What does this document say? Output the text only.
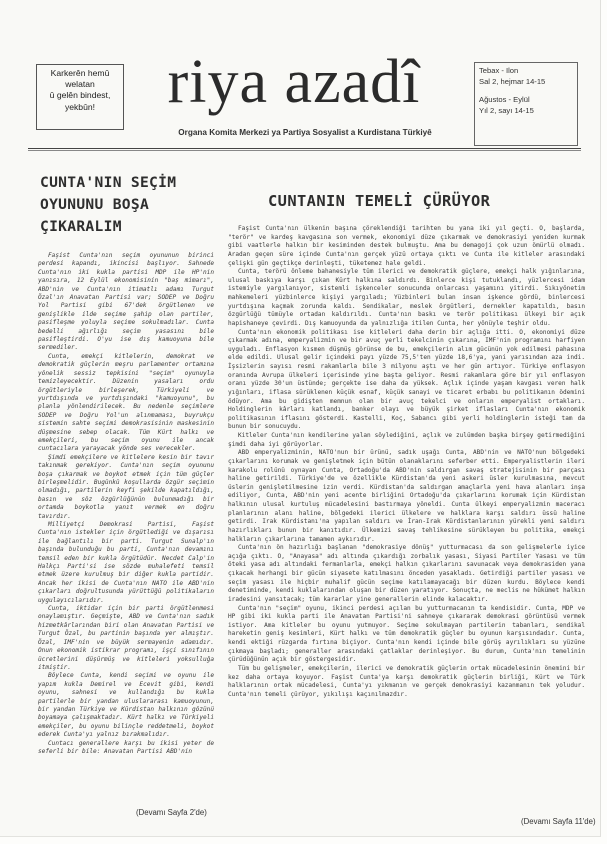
Karkerên hemû
welatan
û gelên bindest,
yekbûn!	riya azadî
Organa Komita Merkezi ya Partiya Sosyalist a Kurdistana Türkiyê
Tebax - Ilon
Sal 2, hejmar 14-15
Ağustos - Eylül
Yıl 2, sayı 14-15
CUNTA'NIN SEÇİM
OYUNUNU BOŞA
ÇIKARALIM

Faşist Cunta'nın seçim oyununun birinci perdesi kapandı, ikincisi başlıyor. Sahnede Cunta'nın iki kukla partisi MDP ile HP'nin yanısıra, 12 Eylül ekonomisinin "baş mimarı", ABD'nin ve Cunta'nın itimatlı adamı Turgut Özal'ın Anavatan Partisi var; SODEP ve Doğru Yol Partisi gibi 67'dek örgütlenen ve genişlikle ilde seçime şahip olan partiler, pasifleşme yoluyla seçime sokulmadılar. Cunta bedelli ağırlığı seçim yasasını bile pasifleştirdi. O'yu ise dış kamuoyuna bile sermediler.

Cunta, emekçi kitlelerin, demokrat ve demokratik güçlerin meşru parlamenter ortamına yönelik sessiz tepkisini "seçim" oyunuyla temizleyecektir. Düzenin yasaları ordu örgütleriyle birleşerek, Türkiyeli ve yurtdışında ve yurtdışındaki "kamuoyunu", bu planla yönlendirilecek. Bu nedenle seçimlere SODEP ve Doğru Yol'un alınmaması, buyrukçu sistemin sahte seçimi demokrasisinin maskesinin düşmesine sebep olacak. Tüm Kürt halkı ve emekçileri, bu seçim oyunu ile ancak cuntacılara yarayacak yönde ses verecekler.

Şimdi emekçilere ve kitlelere kesin bir tavır takınmak gerekiyor. Cunta'nın seçim oyununu boşa çıkarmak ve boykot etmek için tüm güçler birleşmelidir. Bugünkü koşullarda özgür seçimin olmadığı, partilerin keyfi şekilde kapatıldığı, basın ve söz özgürlüğünün bulunmadığı bir ortamda boykotla yanıt vermek en doğru tavırdır.

Milliyetçi Demokrasi Partisi, Faşist Cunta'nın istekler için örgütlediği ve dışarısı ile bağlantılı bir parti. Turgut Sunalp'ın başında bulunduğu bu parti, Cunta'nın devamını temsil eden bir kukla örgütüdür. Necdet Calp'in Halkçı Parti'si ise sözde muhalefeti temsil etmek üzere kurulmuş bir diğer kukla partidir. Ancak her ikisi de Cunta'nın NATO ile ABD'nin çıkarları doğrultusunda yürüttüğü politikaların uygulayıcılarıdır.

Cunta, iktidar için bir parti örgütlenmesi onaylamıştır. Geçmişte, ABD ve Cunta'nın sadık hizmetkârlarından biri olan Anavatan Partisi ve Turgut Özal, bu partinin başında yer almıştır. Özal, IMF'nin ve büyük sermayenin adamıdır. Onun ekonomik istikrar programı, işçi sınıfının ücretlerini düşürmüş ve kitleleri yoksulluğa itmiştir.

Böylece Cunta, kendi seçimi ve oyunu ile yapım kukla Demirel ve Ecevit gibi, kendi oyunu, sahnesi ve kullandığı bu kukla partilerle bir yandan uluslararası kamuoyunun, bir yandan Türkiye ve Kürdistan halkının gözünü boyamaya çalışmaktadır. Kürt halkı ve Türkiyeli emekçiler, bu oyunu bilinçle reddetmeli, boykot ederek Cunta'yı yalnız bırakmalıdır.

Cuntacı generallere karşı bu ikisi yeter de seferli bir bile: Anavatan Partisi ABD'nin

(Devamı Sayfa 2'de)
CUNTANIN TEMELİ ÇÜRÜYOR

Faşist Cunta'nın ülkenin başına çöreklendiği tarihten bu yana iki yıl geçti. O, başlarda, "terör" ve kardeş kavgasına son vermek, ekonomiyi düze çıkarmak ve demokrasiyi yeniden kurmak gibi vaatlerle halkın bir kesiminden destek bulmuştu. Ama bu demagoji çok uzun ömürlü olmadı. Aradan geçen süre içinde Cunta'nın gerçek yüzü ortaya çıktı ve Cunta ile kitleler arasındaki çelişki gün geçtikçe derinleşti, tüketemez hale geldi.

Cunta, terörü önleme bahanesiyle tüm ilerici ve demokratik güçlere, emekçi halk yığınlarına, ulusal baskıya karşı çıkan Kürt halkına saldırdı. Binlerce kişi tutuklandı, yüzlercesi idam istemiyle yargılanıyor, sistemli işkenceler sonucunda onlarcası yaşamını yitirdi. Sıkıyönetim mahkemeleri yüzbinlerce kişiyi yargıladı; Yüzbinleri bulan insan işkence gördü, binlercesi yurtdışına kaçmak zorunda kaldı. Sendikalar, meslek örgütleri, dernekler kapatıldı, basın özgürlüğü tümüyle ortadan kaldırıldı. Cunta'nın baskı ve terör politikası ülkeyi bir açık hapishaneye çevirdi. Dış kamuoyunda da yalnızlığa itilen Cunta, her yönüyle teşhir oldu.

Cunta'nın ekonomik politikası ise kitleleri daha derin bir açlığa itti. O, ekonomiyi düze çıkarmak adına, emperyalizmin ve bir avuç yerli tekelcinin çıkarına, IMF'nin programını harfiyen uyguladı. Enflasyon kısmen düşmüş görünse de bu, emekçilerin alım gücünün yok edilmesi pahasına elde edildi. Ulusal gelir içindeki payı yüzde 75,5'ten yüzde 18,6'ya, yani yarısından aza indi. İşsizlerin sayısı resmi rakamlarla bile 3 milyonu aştı ve her gün artıyor. Türkiye enflasyon oranında Avrupa ülkeleri içerisinde yine başta geliyor. Resmi rakamlara göre bir yıl enflasyon oranı yüzde 30'un üstünde; gerçekte ise daha da yüksek. Açlık içinde yaşam kavgası veren halk yığınları, iflasa sürüklenen küçük esnaf, küçük sanayi ve ticaret erbabı bu politikanın ödemini ödüyor. Ama bu gidişten memnun olan bir avuç tekelci ve onların emperyalist ortakları. Holdinglerin kârları katlandı, banker olayı ve büyük şirket iflasları Cunta'nın ekonomik politikasının iflasını gösterdi. Kastelli, Koç, Sabancı gibi yerli holdinglerin isteği tam da bunun bir sonucuydu.

Kitleler Cunta'nın kendilerine yalan söylediğini, açlık ve zulümden başka birşey getirmediğini şimdi daha iyi görüyorlar.

ABD emperyalizminin, NATO'nun bir ürünü, sadık uşağı Cunta, ABD'nin ve NATO'nun bölgedeki çıkarlarını korumak ve genişletmek için bütün olanaklarını seferber etti. Emperyalistlerin ileri karakolu rolünü oynayan Cunta, Ortadoğu'da ABD'nin saldırgan savaş stratejisinin bir parçası haline getirildi. Türkiye'de ve özellikle Kürdistan'da yeni askeri üsler kurulmasına, mevcut üslerin genişletilmesine izin verdi. Kürdistan'da saldırgan amaçlarla yeni hava alanları inşa ediliyor, Cunta, ABD'nin yeni acente birliğini Ortadoğu'da çıkarlarını korumak için Kürdistan halkının ulusal kurtuluş mücadelesini bastırmaya yöneldi. Cunta ülkeyi emperyalizmin maceracı planlarının alanı haline, bölgedeki ilerici ülkelere ve halklara karşı saldırı üssü haline getirdi. Irak Kürdistanı'na yapılan saldırı ve İran-Irak Kürdistanlarının yürekli yeni saldırı hazırlıkları bunun bir kanıtıdır. Ülkemizi savaş tehlikesine sürükleyen bu politika, emekçi halkların çıkarlarına tamamen aykırıdır.

Cunta'nın ön hazırlığı başlanan "demokrasiye dönüş" yutturmacası da son gelişmelerle iyice açığa çıktı. O, "Anayasa" adı altında çıkardığı zorbalık yasası, Siyasi Partiler Yasası ve tüm öteki yasa adı altındaki fermanlarla, emekçi halkın çıkarlarını savunacak veya demokrasiden yana çıkacak herhangi bir gücün siyasete katılmasını önceden yasakladı. Getirdiği partiler yasası ve seçim yasası ile hiçbir muhalif gücün seçime katılamayacağı bir düzen kurdu. Böylece kendi denetiminde, kendi kuklalarından oluşan bir düzen yaratıyor. Sonuçta, ne meclis ne hükümet halkın iradesini yansıtacak; tüm kararlar yine generallerin elinde kalacaktır.

Cunta'nın "seçim" oyunu, ikinci perdesi açılan bu yutturmacanın ta kendisidir. Cunta, MDP ve HP gibi iki kukla parti ile Anavatan Partisi'ni sahneye çıkararak demokrasi görüntüsü vermek istiyor. Ama kitleler bu oyunu yutmuyor. Seçime sokulmayan partilerin tabanları, sendikal hareketin geniş kesimleri, Kürt halkı ve tüm demokratik güçler bu oyunun karşısındadır. Cunta, kendi ektiği rüzgarda fırtına biçiyor. Cunta'nın kendi içinde bile görüş ayrılıkları su yüzüne çıkmaya başladı; generaller arasındaki çatlaklar derinleşiyor. Bu durum, Cunta'nın temelinin çürüdüğünün açık bir göstergesidir.

Tüm bu gelişmeler, emekçilerin, ilerici ve demokratik güçlerin ortak mücadelesinin önemini bir kez daha ortaya koyuyor. Faşist Cunta'ya karşı demokratik güçlerin birliği, Kürt ve Türk halklarının ortak mücadelesi, Cunta'yı yıkmanın ve gerçek demokrasiyi kazanmanın tek yoludur. Cunta'nın temeli çürüyor, yıkılışı kaçınılmazdır.

(Devamı Sayfa 11'de)
